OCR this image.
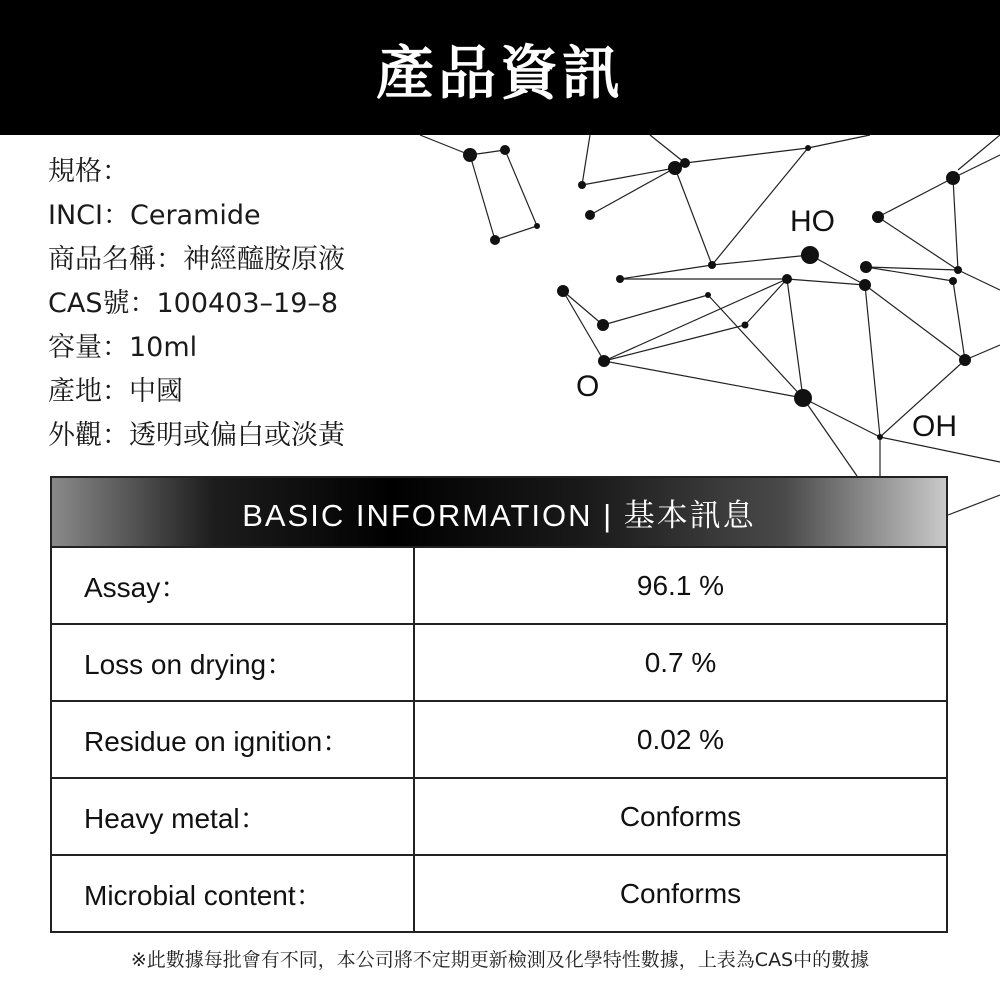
產品資訊
HO
O
OH
規格：
INCI：Ceramide
商品名稱：神經醯胺原液
CAS號：100403–19–8
容量：10ml
產地：中國
外觀：透明或偏白或淡黃
BASIC INFORMATION | 基本訊息
Assay：	96.1 %
Loss on drying：	0.7 %
Residue on ignition：	0.02 %
Heavy metal：	Conforms
Microbial content：	Conforms
※此數據每批會有不同，本公司將不定期更新檢測及化學特性數據，上表為CAS中的數據
